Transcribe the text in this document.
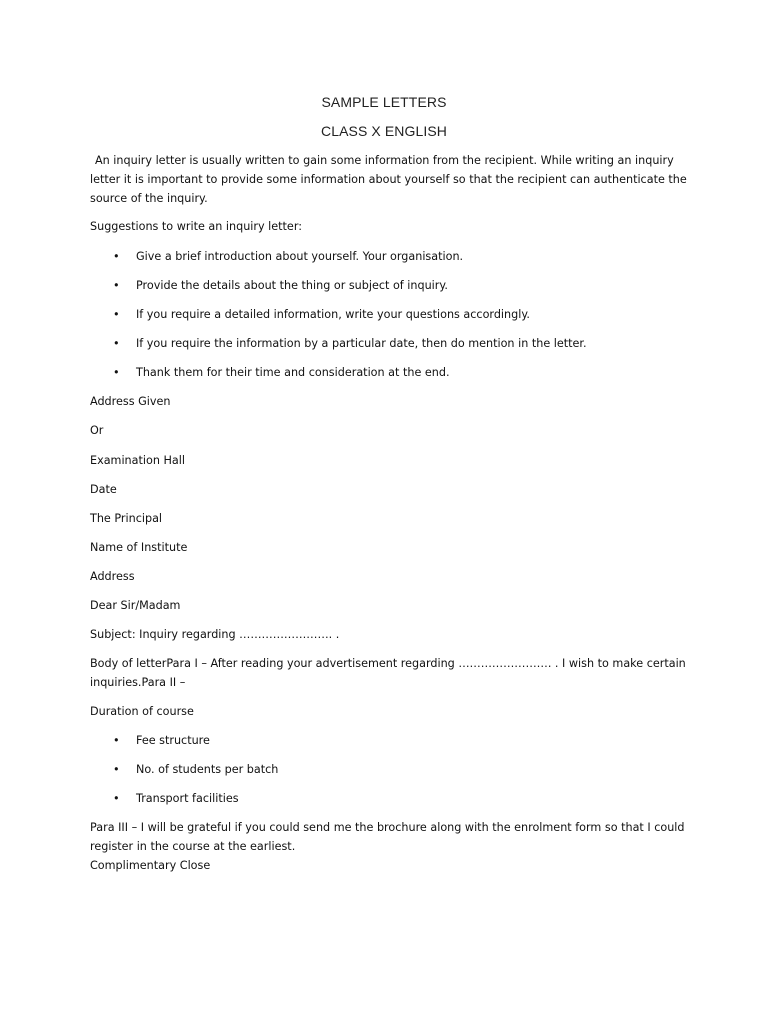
SAMPLE LETTERS
CLASS X ENGLISH
An inquiry letter is usually written to gain some information from the recipient. While writing an inquiry letter it is important to provide some information about yourself so that the recipient can authenticate the source of the inquiry.
Suggestions to write an inquiry letter:
• Give a brief introduction about yourself. Your organisation.
• Provide the details about the thing or subject of inquiry.
• If you require a detailed information, write your questions accordingly.
• If you require the information by a particular date, then do mention in the letter.
• Thank them for their time and consideration at the end.
Address Given
Or
Examination Hall
Date
The Principal
Name of Institute
Address
Dear Sir/Madam
Subject: Inquiry regarding ……………………. .
Body of letterPara I – After reading your advertisement regarding ……………………. . I wish to make certain inquiries.Para II –
Duration of course
• Fee structure
• No. of students per batch
• Transport facilities
Para III – I will be grateful if you could send me the brochure along with the enrolment form so that I could register in the course at the earliest.
Complimentary Close
